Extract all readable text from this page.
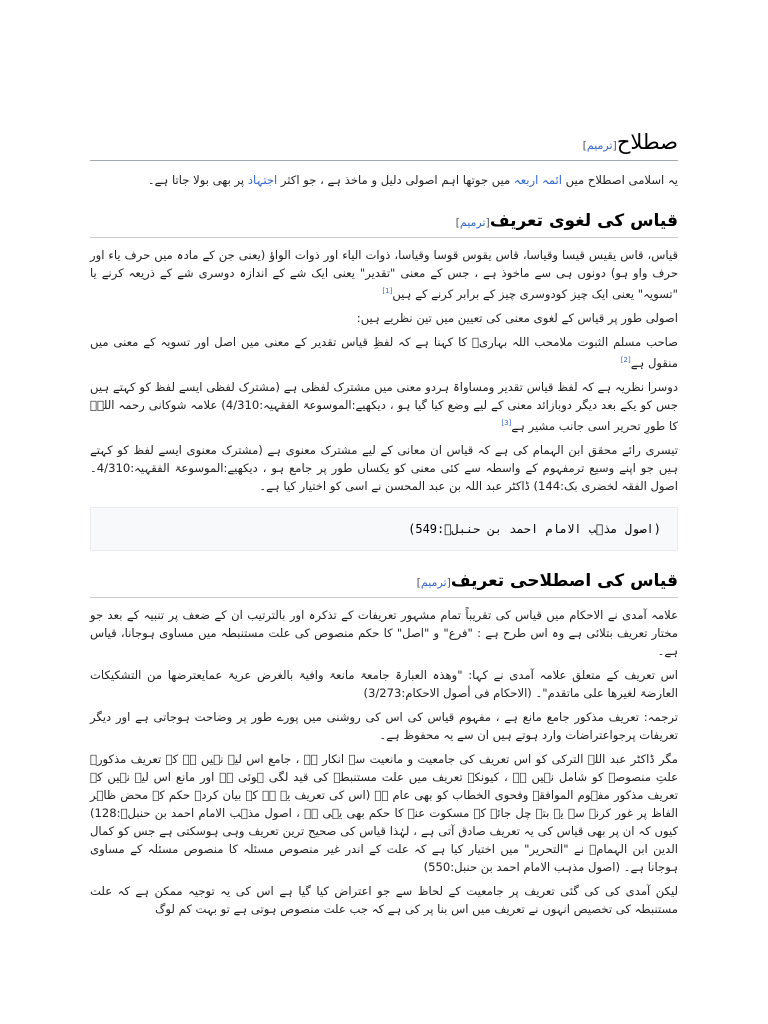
صطلاح[ترمیم]

یہ اسلامی اصطلاح میں ائمہ اربعہ میں جوتھا اہم اصولی دلیل و ماخذ ہے ، جو اکثر اجتہاد پر بھی بولا جاتا ہے۔

قیاس کی لغوی تعریف[ترمیم]

قیاس، قاس یقیس قیسا وقیاسا، قاس یقوس قوسا وقیاسا، ذوات الیاء اور ذوات الواؤ (یعنی جن کے مادہ میں حرف یاء اور حرف واو ہو) دونوں ہی سے ماخوذ ہے ، جس کے معنی "تقدیر" یعنی ایک شے کے اندازہ دوسری شے کے ذریعہ کرنے یا "تسویہ" یعنی ایک چیز کودوسری چیز کے برابر کرنے کے ہیں[1]

اصولی طور پر قیاس کے لغوی معنی کی تعیین میں تین نظریے ہیں:

صاحب مسلم الثبوت ملامحب اللہ بہاریؒ کا کہنا ہے کہ لفظِ قیاس تقدیر کے معنی میں اصل اور تسویہ کے معنی میں منقول ہے[2]

دوسرا نظریہ ہے کہ لفظ قیاس تقدیر ومساواۃ ہردو معنی میں مشترک لفظی ہے (مشترک لفظی ایسے لفظ کو کہتے ہیں جس کو یکے بعد دیگر دوبازائد معنی کے لیے وضع کیا گیا ہو ، دیکھیے:الموسوعۃ الفقہیہ:4/310) علامہ شوکانی رحمہ اللہؒ کا طورِ تحریر اسی جانب مشیر ہے[3]

تیسری رائے محقق ابن الہمام کی ہے کہ قیاس ان معانی کے لیے مشترک معنوی ہے (مشترک معنوی ایسے لفظ کو کہتے ہیں جو اپنے وسیع ترمفہوم کے واسطہ سے کئی معنی کو یکساں طور پر جامع ہو ، دیکھیے:الموسوعۃ الفقہیہ:4/310۔ اصول الفقہ لخضری بک:144) ڈاکٹر عبد اللہ بن عبد المحسن نے اسی کو اختیار کیا ہے۔

(اصول مذہب الامام احمد بن حنبلؒ:549)
قیاس کی اصطلاحی تعریف[ترمیم]

علامہ آمدی نے الاحکام میں قیاس کی تقریباً تمام مشہور تعریفات کے تذکرہ اور بالترتیب ان کے ضعف پر تنبیہ کے بعد جو مختار تعریف بتلائی ہے وہ اس طرح ہے : "فرع" و "اصل" کا حکم منصوص کی علت مستنبطہ میں مساوی ہوجانا، قیاس ہے۔

اس تعریف کے متعلق علامہ آمدی نے کہا: "وھذہ العبارۃ جامعۃ مانعۃ وافیۃ بالغرض عریۃ عمایعترضھا من التشکیکات العارضۃ لغیرھا علی ماتقدم"۔ (الاحکام فی أصول الاحکام:3/273)

ترجمہ: تعریف مذکور جامع مانع ہے ، مفہوم قیاس کی اس کی روشنی میں پورے طور پر وضاحت ہوجاتی ہے اور دیگر تعریفات پرجواعتراضات وارد ہوتے ہیں ان سے یہ محفوظ ہے۔

مگر ڈاکٹر عبد اللہ الترکی کو اس تعریف کی جامعیت و مانعیت سے انکار ہے ، جامع اس لیے نہیں ہے کہ تعریف مذکورہ علتِ منصوصہ کو شامل نہیں ہے ، کیونکہ تعریف میں علت مستنبطہ کی قید لگی ہوئی ہے اور مانع اس لیے نہیں کہ تعریف مذکور مفہوم الموافقہ وفحوی الخطاب کو بھی عام ہے (اس کی تعریف یہ ہے کہ بیان کردہ حکم کے محض ظاہر الفاظ پر غور کرنے سے یہ بتہ چل جائے کہ مسکوت عنہ کا حکم بھی یہی ہے ، اصول مذہب الامام احمد بن حنبلؒ:128) کیوں کہ ان پر بھی قیاس کی یہ تعریف صادق آتی ہے ، لہٰذا قیاس کی صحیح ترین تعریف وہی ہوسکتی ہے جس کو کمال الدین ابن الہمامؒ نے "التحریر" میں اختیار کیا ہے کہ علت کے اندر غیر منصوص مسئلہ کا منصوص مسئلہ کے مساوی ہوجانا ہے۔ (اصول مذہب الامام احمد بن حنبل:550)

لیکن آمدی کی کی گئی تعریف پر جامعیت کے لحاظ سے جو اعتراض کیا گیا ہے اس کی یہ توجیہ ممکن ہے کہ علت مستنبطہ کی تخصیص انہوں نے تعریف میں اس بنا پر کی ہے کہ جب علت منصوص ہوتی ہے تو بہت کم لوگ
